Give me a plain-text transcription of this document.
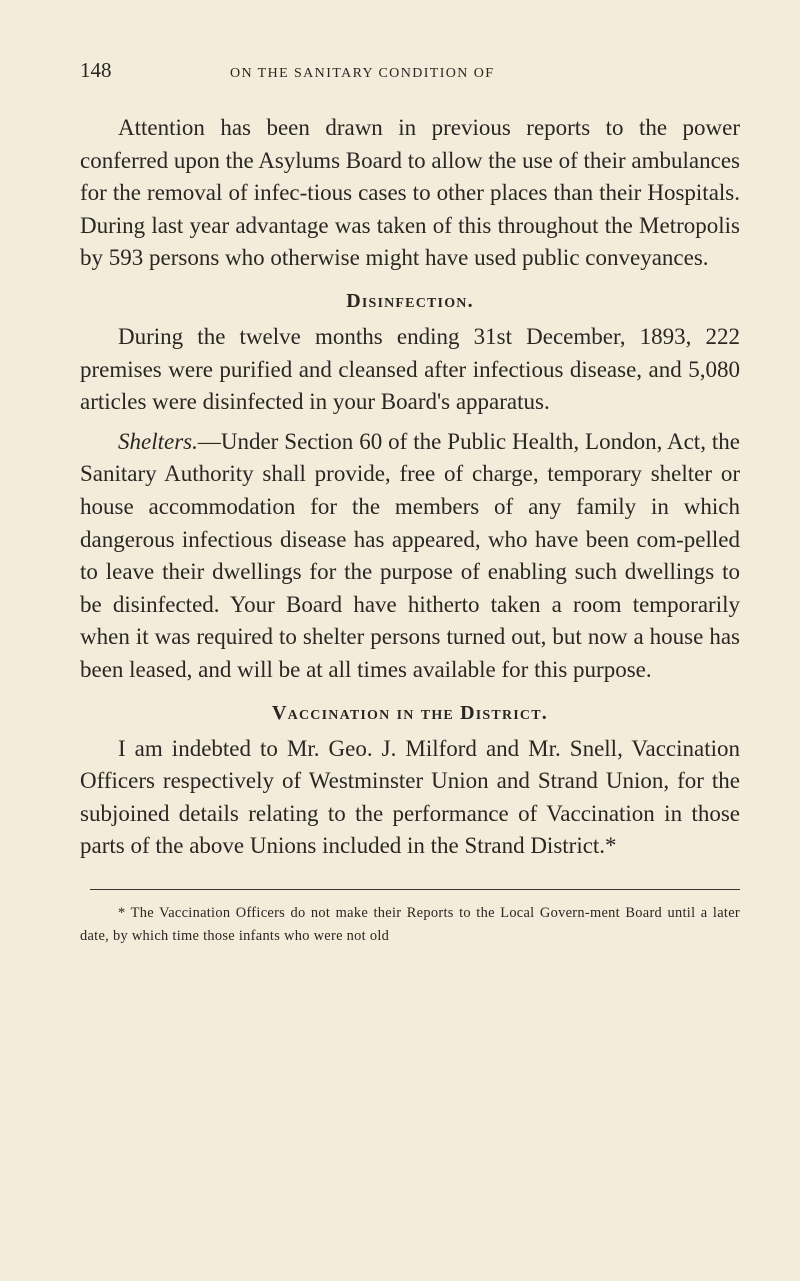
148	ON THE SANITARY CONDITION OF

Attention has been drawn in previous reports to the power conferred upon the Asylums Board to allow the use of their ambulances for the removal of infec-tious cases to other places than their Hospitals. During last year advantage was taken of this throughout the Metropolis by 593 persons who otherwise might have used public conveyances.

Disinfection.

During the twelve months ending 31st December, 1893, 222 premises were purified and cleansed after infectious disease, and 5,080 articles were disinfected in your Board's apparatus.

Shelters.—Under Section 60 of the Public Health, London, Act, the Sanitary Authority shall provide, free of charge, temporary shelter or house accommodation for the members of any family in which dangerous infectious disease has appeared, who have been com-pelled to leave their dwellings for the purpose of enabling such dwellings to be disinfected. Your Board have hitherto taken a room temporarily when it was required to shelter persons turned out, but now a house has been leased, and will be at all times available for this purpose.

Vaccination in the District.

I am indebted to Mr. Geo. J. Milford and Mr. Snell, Vaccination Officers respectively of Westminster Union and Strand Union, for the subjoined details relating to the performance of Vaccination in those parts of the above Unions included in the Strand District.*

* The Vaccination Officers do not make their Reports to the Local Govern-ment Board until a later date, by which time those infants who were not old
